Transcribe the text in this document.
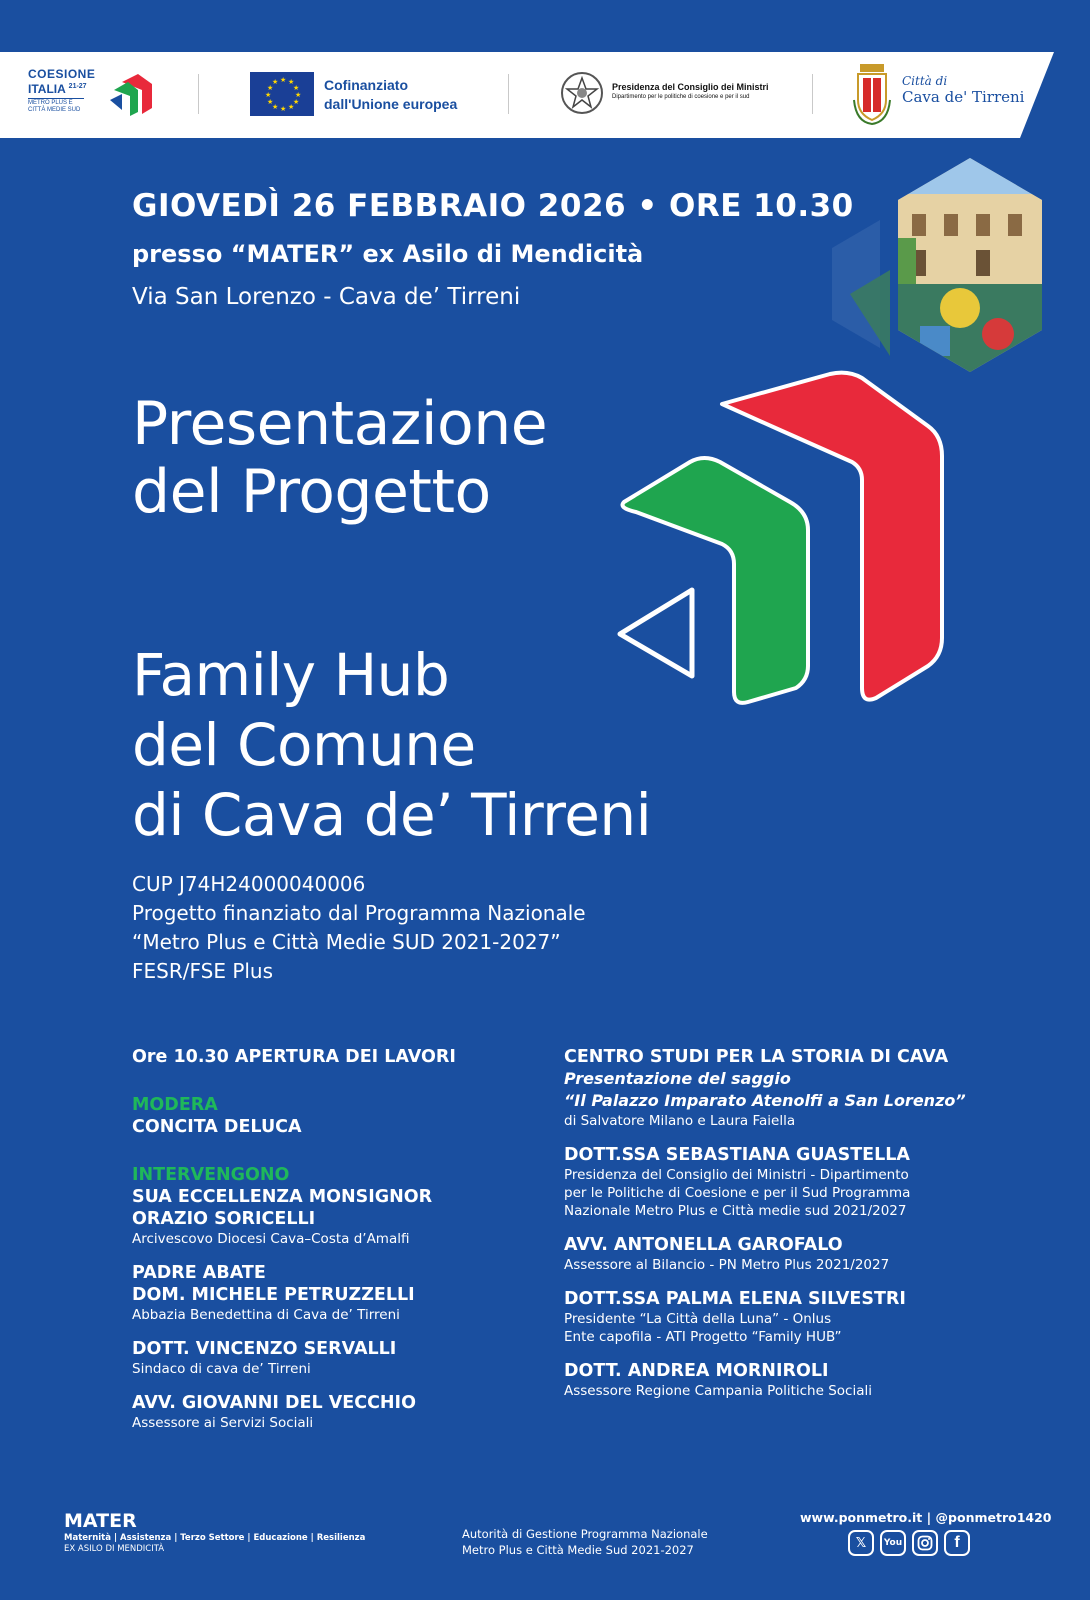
COESIONE
ITALIA $^{21-27}$
METRO PLUS E CITTÀ MEDIE SUD
★ ★
★
★
★
★
★
★
★
★
★
★	Cofinanziato
dall'Unione europea
Presidenza del Consiglio dei Ministri
Dipartimento per le politiche di coesione e per il sud
Città di
Cava de' Tirreni
GIOVEDÌ 26 FEBBRAIO 2026 • ORE 10.30
presso “MATER” ex Asilo di Mendicità
Via San Lorenzo - Cava de’ Tirreni
Presentazione
del Progetto
Family Hub
del Comune
di Cava de’ Tirreni
CUP J74H24000040006
Progetto finanziato dal Programma Nazionale
“Metro Plus e Città Medie SUD 2021-2027”
FESR/FSE Plus
Ore 10.30 APERTURA DEI LAVORI
MODERA
CONCITA DELUCA
INTERVENGONO
SUA ECCELLENZA MONSIGNOR
ORAZIO SORICELLI
Arcivescovo Diocesi Cava–Costa d’Amalfi
PADRE ABATE
DOM. MICHELE PETRUZZELLI
Abbazia Benedettina di Cava de’ Tirreni
DOTT. VINCENZO SERVALLI
Sindaco di cava de’ Tirreni
AVV. GIOVANNI DEL VECCHIO
Assessore ai Servizi Sociali
CENTRO STUDI PER LA STORIA DI CAVA
Presentazione del saggio
“Il Palazzo Imparato Atenolfi a San Lorenzo”
di Salvatore Milano e Laura Faiella
DOTT.SSA SEBASTIANA GUASTELLA
Presidenza del Consiglio dei Ministri - Dipartimento
per le Politiche di Coesione e per il Sud Programma
Nazionale Metro Plus e Città medie sud 2021/2027
AVV. ANTONELLA GAROFALO
Assessore al Bilancio - PN Metro Plus 2021/2027
DOTT.SSA PALMA ELENA SILVESTRI
Presidente “La Città della Luna” - Onlus
Ente capofila - ATI Progetto “Family HUB”
DOTT. ANDREA MORNIROLI
Assessore Regione Campania Politiche Sociali
MATER
Maternità | Assistenza | Terzo Settore | Educazione | Resilienza
EX ASILO DI MENDICITÀ
Autorità di Gestione Programma Nazionale
Metro Plus e Città Medie Sud 2021-2027
www.ponmetro.it | @ponmetro1420
𝕏	You	f
